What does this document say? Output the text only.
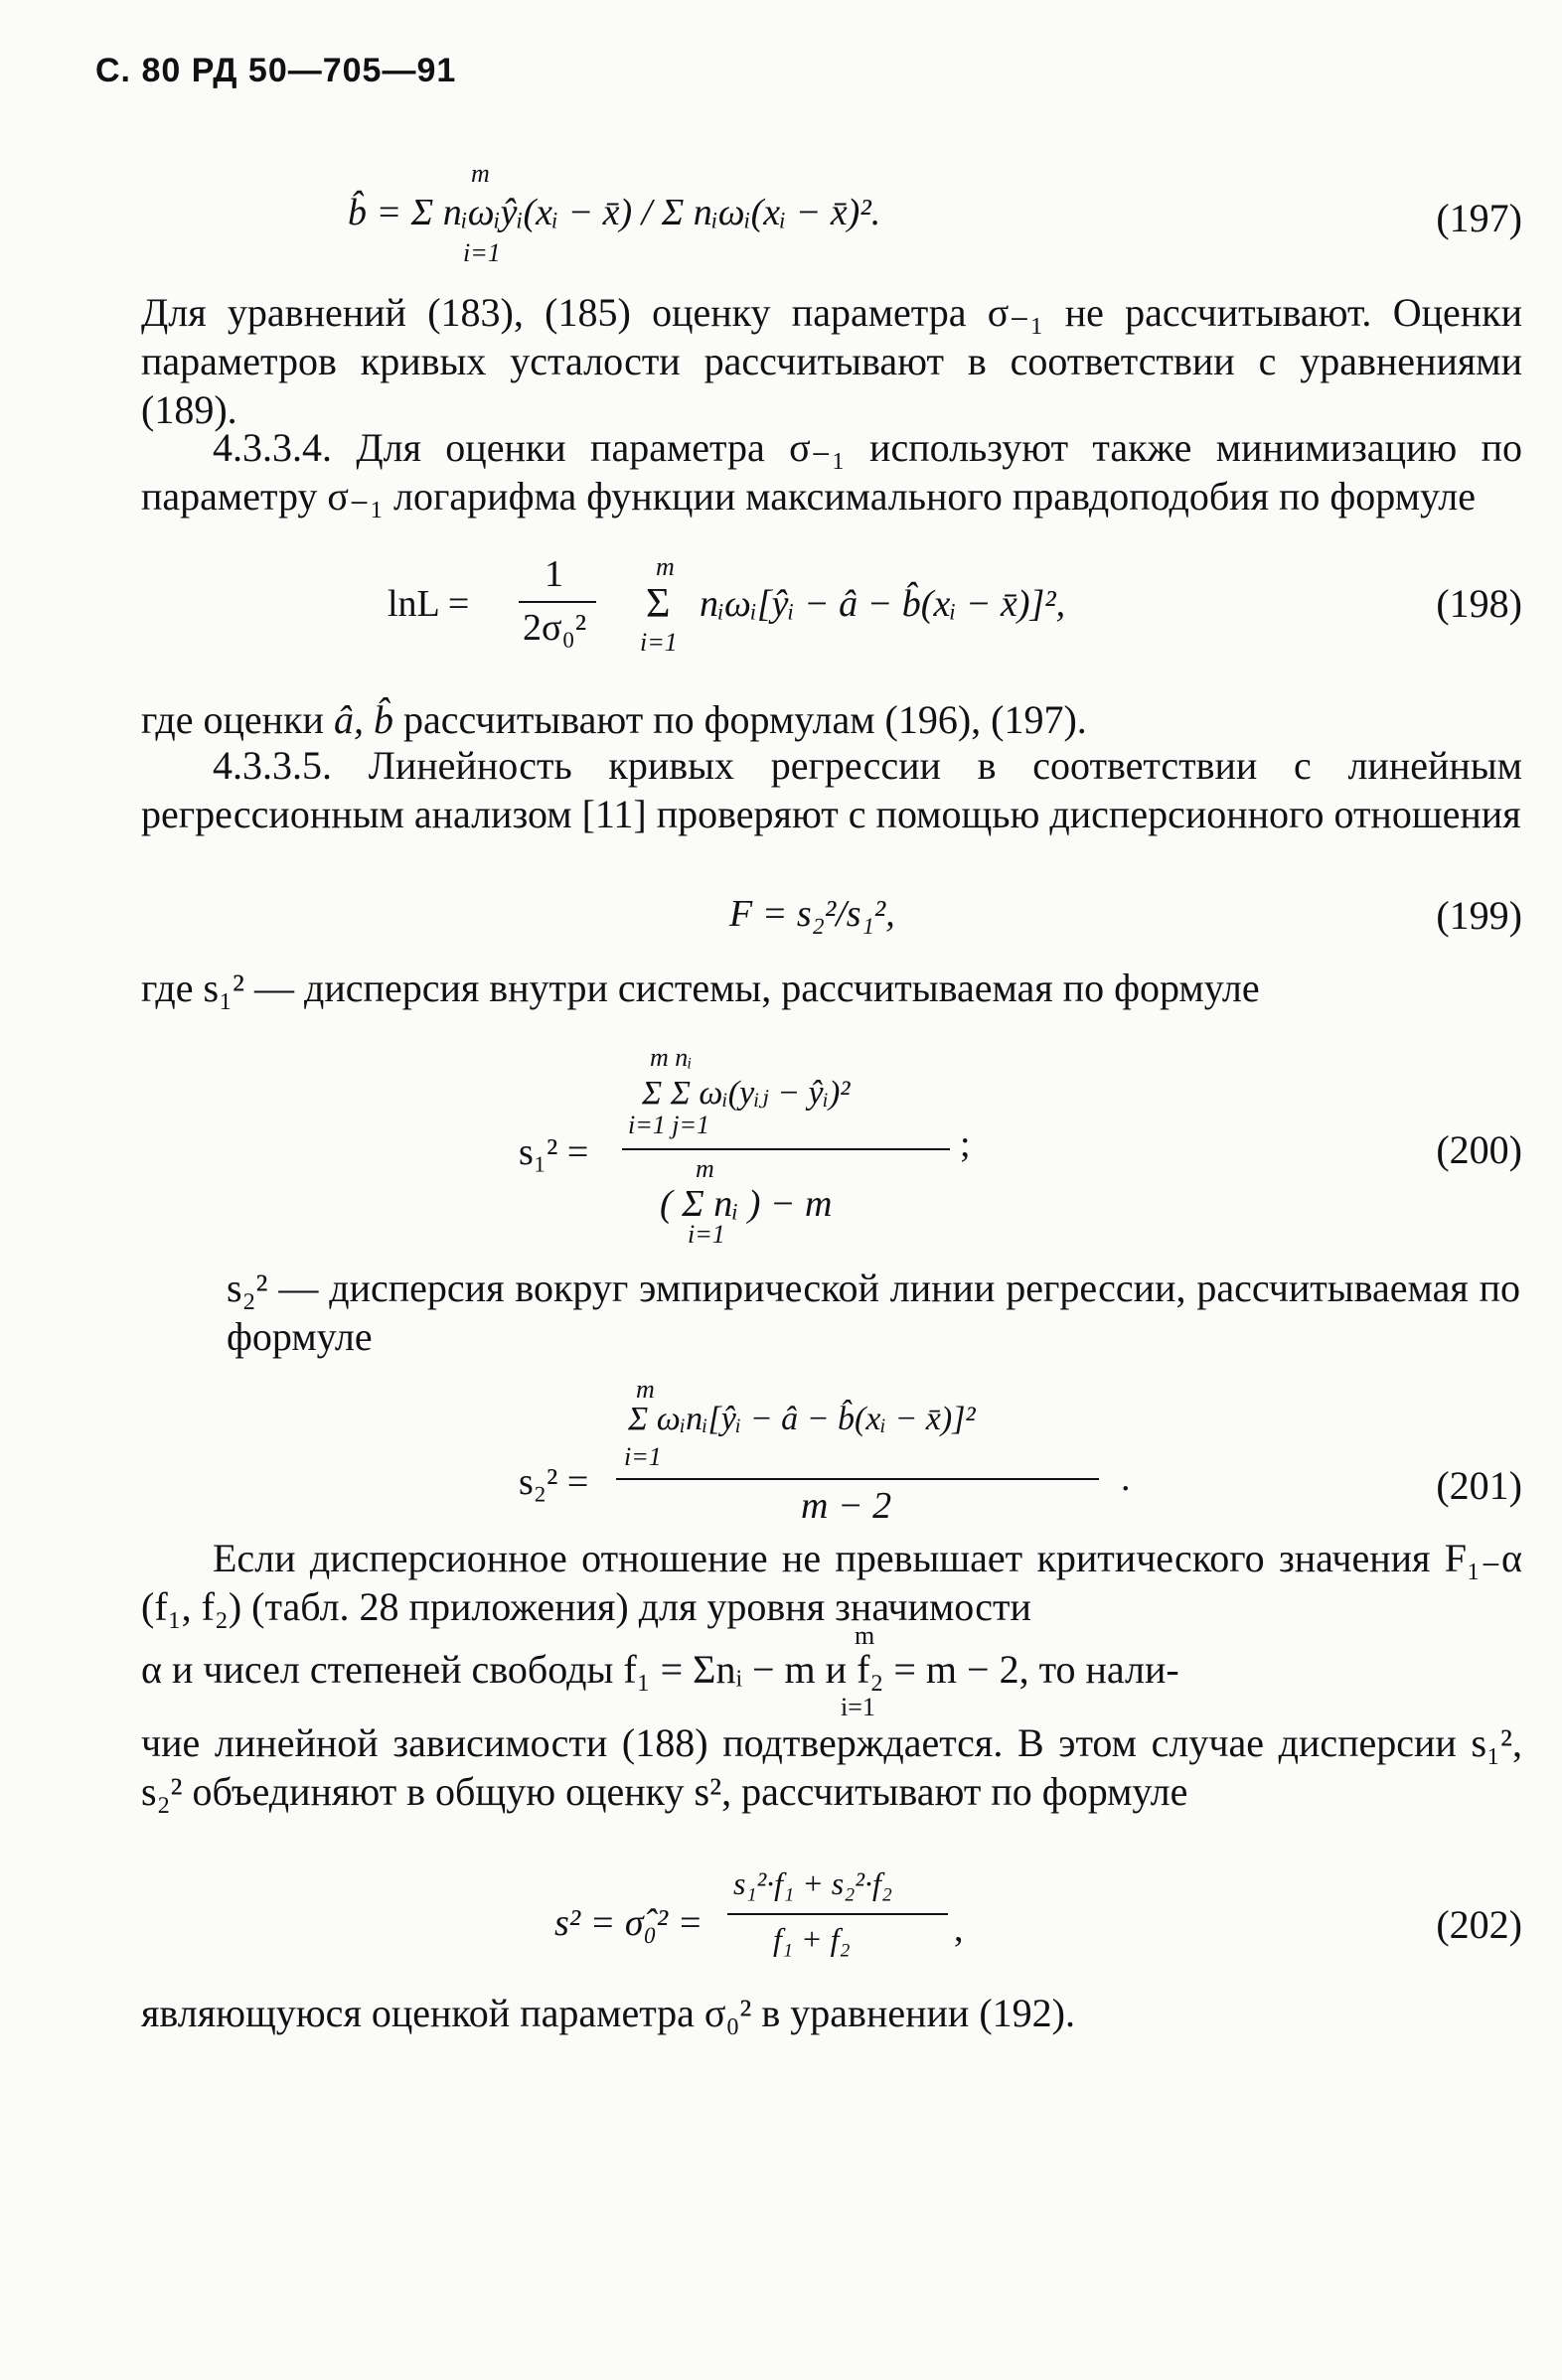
С. 80 РД 50—705—91
m
i=1
b̂ = Σ nᵢωᵢŷᵢ(xᵢ − x̄) / Σ nᵢωᵢ(xᵢ − x̄)².	(197)
Для уравнений (183), (185) оценку параметра σ₋₁ не рассчитывают. Оценки параметров кривых усталости рассчитывают в соответствии с уравнениями (189).
4.3.3.4. Для оценки параметра σ₋₁ используют также минимизацию по параметру σ₋₁ логарифма функции максимального правдоподобия по формуле
lnL =
1
2σ₀²
m
Σ
i=1
nᵢωᵢ[ŷᵢ − â − b̂(xᵢ − x̄)]²,	(198)
где оценки â, b̂ рассчитывают по формулам (196), (197).
4.3.3.5. Линейность кривых регрессии в соответствии с линейным регрессионным анализом [11] проверяют с помощью дисперсионного отношения
F = s₂²/s₁²,	(199)
где s₁² — дисперсия внутри системы, рассчитываемая по формуле
m nᵢ
Σ Σ ωᵢ(yᵢⱼ − ŷᵢ)²
i=1 j=1
s₁² =	m
( Σ nᵢ ) − m
i=1
;	(200)
s₂² — дисперсия вокруг эмпирической линии регрессии, рассчитываемая по формуле
m
Σ ωᵢnᵢ[ŷᵢ − â − b̂(xᵢ − x̄)]²
i=1
s₂² =
m − 2
.	(201)
Если дисперсионное отношение не превышает критического значения F₁₋α (f₁, f₂) (табл. 28 приложения) для уровня значимости
m
α и чисел степеней свободы f₁ = Σnᵢ − m и f₂ = m − 2, то нали-
i=1
чие линейной зависимости (188) подтверждается. В этом случае дисперсии s₁², s₂² объединяют в общую оценку s², рассчитывают по формуле
s₁²·f₁ + s₂²·f₂
s² = σ̂₀² = f₁ + f₂	,	(202)
являющуюся оценкой параметра σ₀² в уравнении (192).
